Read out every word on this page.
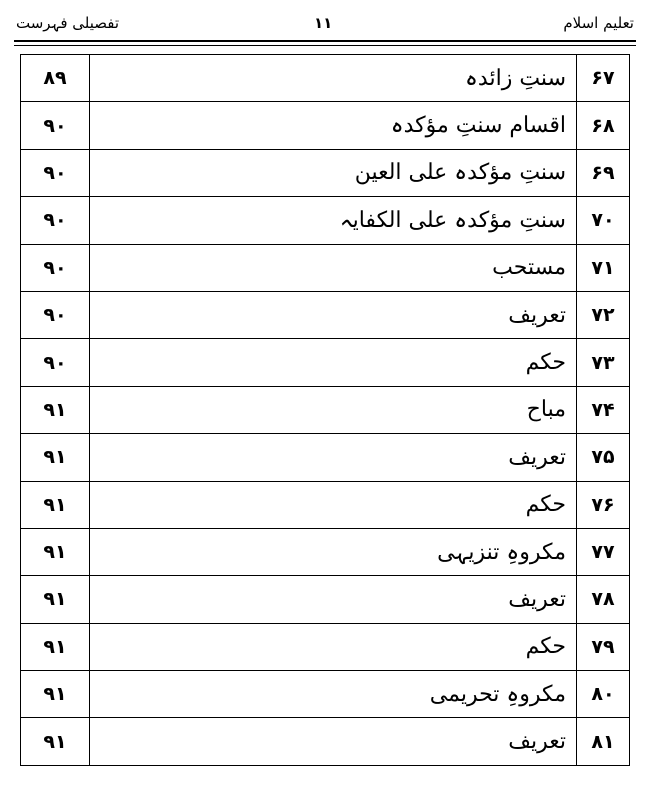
تفصیلی فہرست	۱۱	تعلیم اسلام
۸۹	سنتِ زائدہ	۶۷
۹۰	اقسام سنتِ مؤکدہ	۶۸
۹۰	سنتِ مؤکدہ علی العین	۶۹
۹۰	سنتِ مؤکدہ علی الکفایہ	۷۰
۹۰	مستحب	۷۱
۹۰	تعریف	۷۲
۹۰	حکم	۷۳
۹۱	مباح	۷۴
۹۱	تعریف	۷۵
۹۱	حکم	۷۶
۹۱	مکروہِ تنزیہی	۷۷
۹۱	تعریف	۷۸
۹۱	حکم	۷۹
۹۱	مکروہِ تحریمی	۸۰
۹۱	تعریف	۸۱
